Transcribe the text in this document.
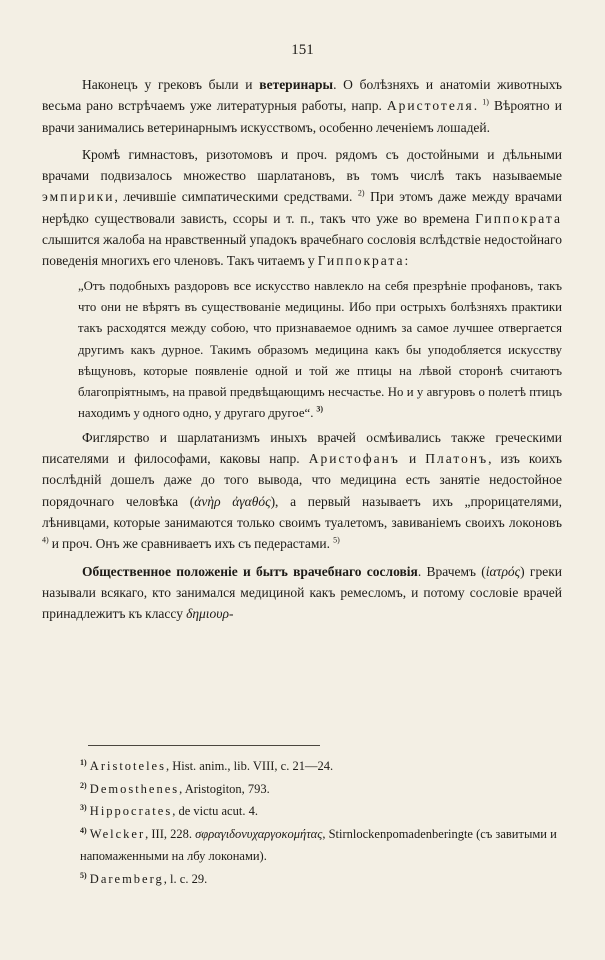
151

Наконецъ у грековъ были и ветеринары. О болѣзняхъ и анатоміи животныхъ весьма рано встрѣчаемъ уже литературныя работы, напр. Аристотеля. $^{1)}$ Вѣроятно и врачи занимались ветеринарнымъ искусствомъ, особенно леченіемъ лошадей.

Кромѣ гимнастовъ, ризотомовъ и проч. рядомъ съ достойными и дѣльными врачами подвизалось множество шарлатановъ, въ томъ числѣ такъ называемые эмпирики, лечившіе симпатическими средствами. $^{2)}$ При этомъ даже между врачами нерѣдко существовали зависть, ссоры и т. п., такъ что уже во времена Гиппократа слышится жалоба на нравственный упадокъ врачебнаго сословія вслѣдствіе недостойнаго поведенія многихъ его членовъ. Такъ читаемъ у Гиппократа:

„Отъ подобныхъ раздоровъ все искусство навлекло на себя презрѣніе профановъ, такъ что они не вѣрятъ въ существованіе медицины. Ибо при острыхъ болѣзняхъ практики такъ расходятся между собою, что признаваемое однимъ за самое лучшее отвергается другимъ какъ дурное. Такимъ образомъ медицина какъ бы уподобляется искусству вѣщуновъ, которые появленіе одной и той же птицы на лѣвой сторонѣ считаютъ благопріятнымъ, на правой предвѣщающимъ несчастье. Но и у авгуровъ о полетѣ птицъ находимъ у одного одно, у другаго другое“. $^{3)}$

Фиглярство и шарлатанизмъ иныхъ врачей осмѣивались также греческими писателями и философами, каковы напр. Аристофанъ и Платонъ, изъ коихъ послѣдній дошелъ даже до того вывода, что медицина есть занятіе недостойное порядочнаго человѣка (ἀνὴρ ἀγαθός), а первый называетъ ихъ „прорицателями, лѣнивцами, которые занимаются только своимъ туалетомъ, завиваніемъ своихъ локоновъ $^{4)}$ и проч. Онъ же сравниваетъ ихъ съ педерастами. $^{5)}$

Общественное положеніе и бытъ врачебнаго сословія. Врачемъ (ἰατρός) греки называли всякаго, кто занимался медициной какъ ремесломъ, и потому сословіе врачей принадлежитъ къ классу δημιουρ-

$^{1)}$ Aristoteles, Hist. anim., lib. VIII, c. 21—24.

$^{2)}$ Demosthenes, Aristogiton, 793.

$^{3)}$ Hippocrates, de victu acut. 4.

$^{4)}$ Welcker, III, 228. σφραγιδονυχαργοκομήτας, Stirnlockenpomadenberingte (съ завитыми и напомаженными на лбу локонами).

$^{5)}$ Daremberg, l. c. 29.
